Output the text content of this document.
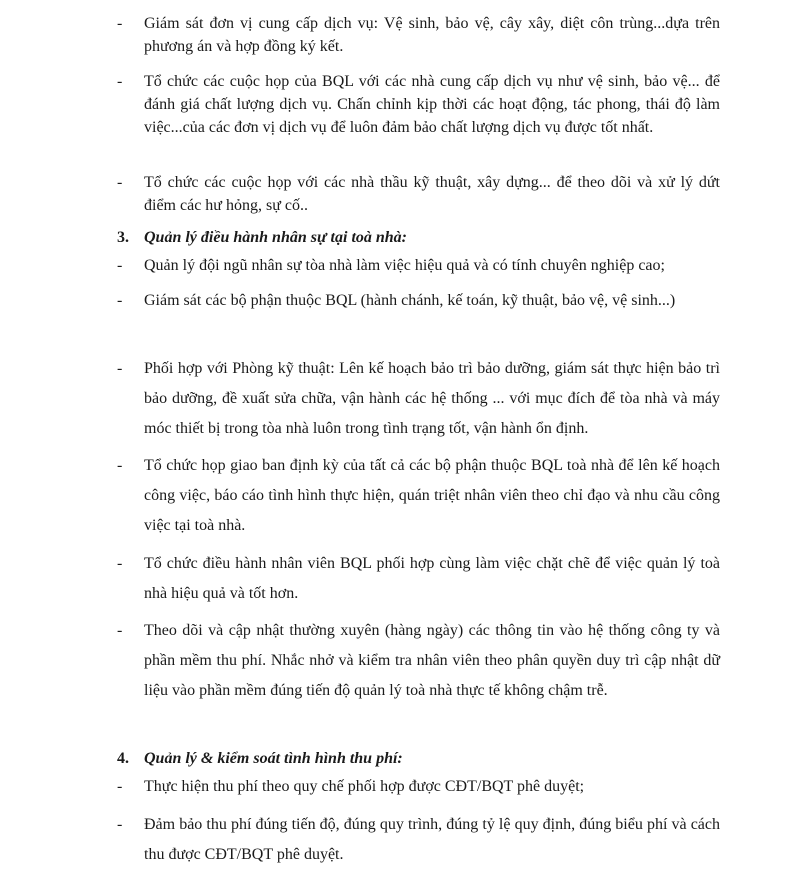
-	Giám sát đơn vị cung cấp dịch vụ: Vệ sinh, bảo vệ, cây xây, diệt côn trùng...dựa trên phương án và hợp đồng ký kết.
-	Tổ chức các cuộc họp của BQL với các nhà cung cấp dịch vụ như vệ sinh, bảo vệ... để đánh giá chất lượng dịch vụ. Chấn chỉnh kịp thời các hoạt động, tác phong, thái độ làm việc...của các đơn vị dịch vụ để luôn đảm bảo chất lượng dịch vụ được tốt nhất.
-	Tổ chức các cuộc họp với các nhà thầu kỹ thuật, xây dựng... để theo dõi và xử lý dứt điểm các hư hỏng, sự cố..
3. Quản lý điều hành nhân sự tại toà nhà:
-	Quản lý đội ngũ nhân sự tòa nhà làm việc hiệu quả và có tính chuyên nghiệp cao;
-	Giám sát các bộ phận thuộc BQL (hành chánh, kế toán, kỹ thuật, bảo vệ, vệ sinh...)
-	Phối hợp với Phòng kỹ thuật: Lên kế hoạch bảo trì bảo dưỡng, giám sát thực hiện bảo trì bảo dưỡng, đề xuất sửa chữa, vận hành các hệ thống ... với mục đích để tòa nhà và máy móc thiết bị trong tòa nhà luôn trong tình trạng tốt, vận hành ổn định.
-	Tổ chức họp giao ban định kỳ của tất cả các bộ phận thuộc BQL toà nhà để lên kế hoạch công việc, báo cáo tình hình thực hiện, quán triệt nhân viên theo chỉ đạo và nhu cầu công việc tại toà nhà.
-	Tổ chức điều hành nhân viên BQL phối hợp cùng làm việc chặt chẽ để việc quản lý toà nhà hiệu quả và tốt hơn.
-	Theo dõi và cập nhật thường xuyên (hàng ngày) các thông tin vào hệ thống công ty và phần mềm thu phí. Nhắc nhở và kiểm tra nhân viên theo phân quyền duy trì cập nhật dữ liệu vào phần mềm đúng tiến độ quản lý toà nhà thực tế không chậm trễ.
4. Quản lý & kiểm soát tình hình thu phí:
-	Thực hiện thu phí theo quy chế phối hợp được CĐT/BQT phê duyệt;
-	Đảm bảo thu phí đúng tiến độ, đúng quy trình, đúng tỷ lệ quy định, đúng biểu phí và cách thu được CĐT/BQT phê duyệt.
